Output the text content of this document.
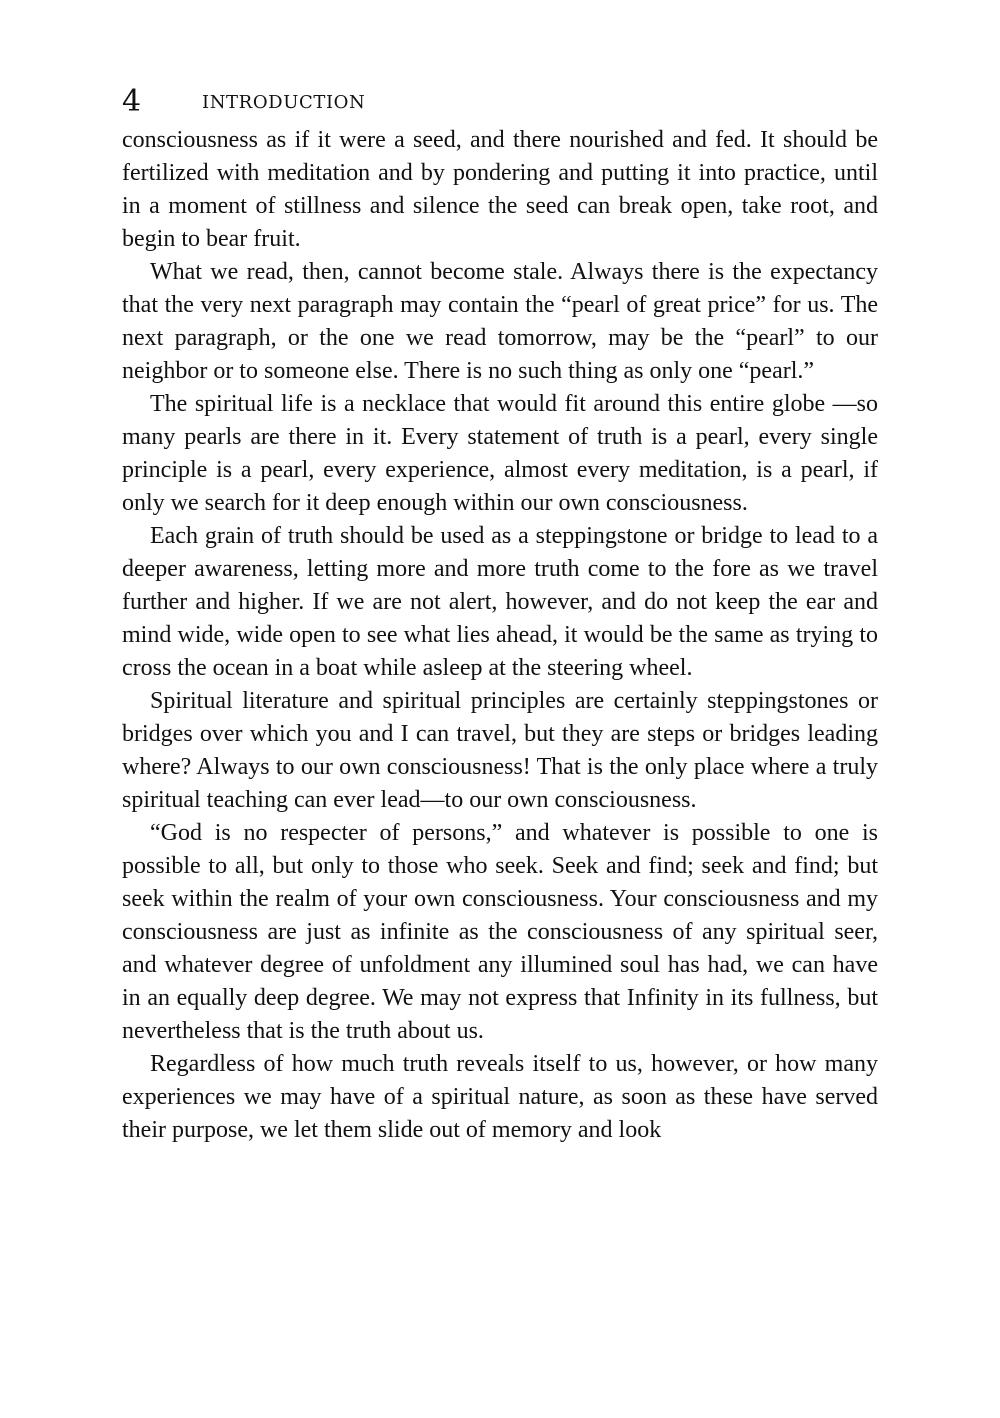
4	INTRODUCTION

consciousness as if it were a seed, and there nourished and fed. It should be fertilized with meditation and by pondering and putting it into practice, until in a moment of stillness and silence the seed can break open, take root, and begin to bear fruit.

What we read, then, cannot become stale. Always there is the expectancy that the very next paragraph may contain the “pearl of great price” for us. The next paragraph, or the one we read tomorrow, may be the “pearl” to our neighbor or to someone else. There is no such thing as only one “pearl.”

The spiritual life is a necklace that would fit around this entire globe —so many pearls are there in it. Every statement of truth is a pearl, every single principle is a pearl, every experience, almost every meditation, is a pearl, if only we search for it deep enough within our own consciousness.

Each grain of truth should be used as a steppingstone or bridge to lead to a deeper awareness, letting more and more truth come to the fore as we travel further and higher. If we are not alert, however, and do not keep the ear and mind wide, wide open to see what lies ahead, it would be the same as trying to cross the ocean in a boat while asleep at the steering wheel.

Spiritual literature and spiritual principles are certainly steppingstones or bridges over which you and I can travel, but they are steps or bridges leading where? Always to our own consciousness! That is the only place where a truly spiritual teaching can ever lead—to our own consciousness.

“God is no respecter of persons,” and whatever is possible to one is possible to all, but only to those who seek. Seek and find; seek and find; but seek within the realm of your own consciousness. Your consciousness and my consciousness are just as infinite as the consciousness of any spiritual seer, and whatever degree of unfoldment any illumined soul has had, we can have in an equally deep degree. We may not express that Infinity in its fullness, but nevertheless that is the truth about us.

Regardless of how much truth reveals itself to us, however, or how many experiences we may have of a spiritual nature, as soon as these have served their purpose, we let them slide out of memory and look
